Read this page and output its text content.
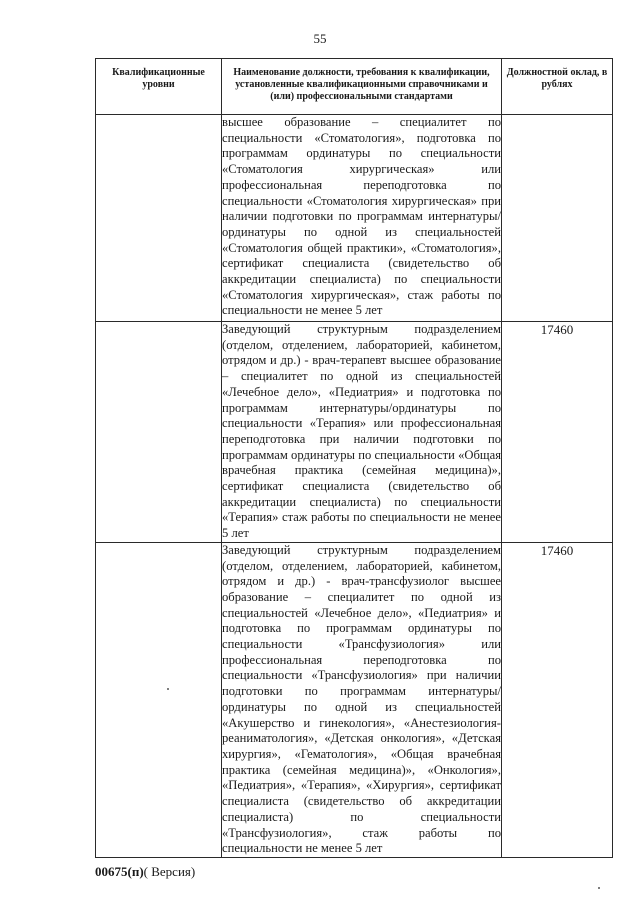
55
Квалификационные уровни	Наименование должности, требования к квалификации, установленные квалификационными справочниками и (или) профессиональными стандартами	Должностной оклад, в рублях

	высшее образование – специалитет по специальности «Стоматология», подготовка по программам ординатуры по специальности «Стоматология хирургическая» или профессиональная переподготовка по специальности «Стоматология хирургическая» при наличии подготовки по программам интернатуры/ординатуры по одной из специальностей «Стоматология общей практики», «Стоматология», сертификат специалиста (свидетельство об аккредитации специалиста) по специальности «Стоматология хирургическая», стаж работы по специальности не менее 5 лет	
	Заведующий структурным подразделением (отделом, отделением, лабораторией, кабинетом, отрядом и др.) - врач-терапевт высшее образование – специалитет по одной из специальностей «Лечебное дело», «Педиатрия» и подготовка по программам интернатуры/ординатуры по специальности «Терапия» или профессиональная переподготовка при наличии подготовки по программам ординатуры по специальности «Общая врачебная практика (семейная медицина)», сертификат специалиста (свидетельство об аккредитации специалиста) по специальности «Терапия» стаж работы по специальности не менее 5 лет	17460
	Заведующий структурным подразделением (отделом, отделением, лабораторией, кабинетом, отрядом и др.) - врач-трансфузиолог высшее образование – специалитет по одной из специальностей «Лечебное дело», «Педиатрия» и подготовка по программам ординатуры по специальности «Трансфузиология» или профессиональная переподготовка по специальности «Трансфузиология» при наличии подготовки по программам интернатуры/ординатуры по одной из специальностей «Акушерство и гинекология», «Анестезиология-реаниматология», «Детская онкология», «Детская хирургия», «Гематология», «Общая врачебная практика (семейная медицина)», «Онкология», «Педиатрия», «Терапия», «Хирургия», сертификат специалиста (свидетельство об аккредитации специалиста) по специальности «Трансфузиология», стаж работы по специальности не менее 5 лет	17460
00675(п)( Версия)
